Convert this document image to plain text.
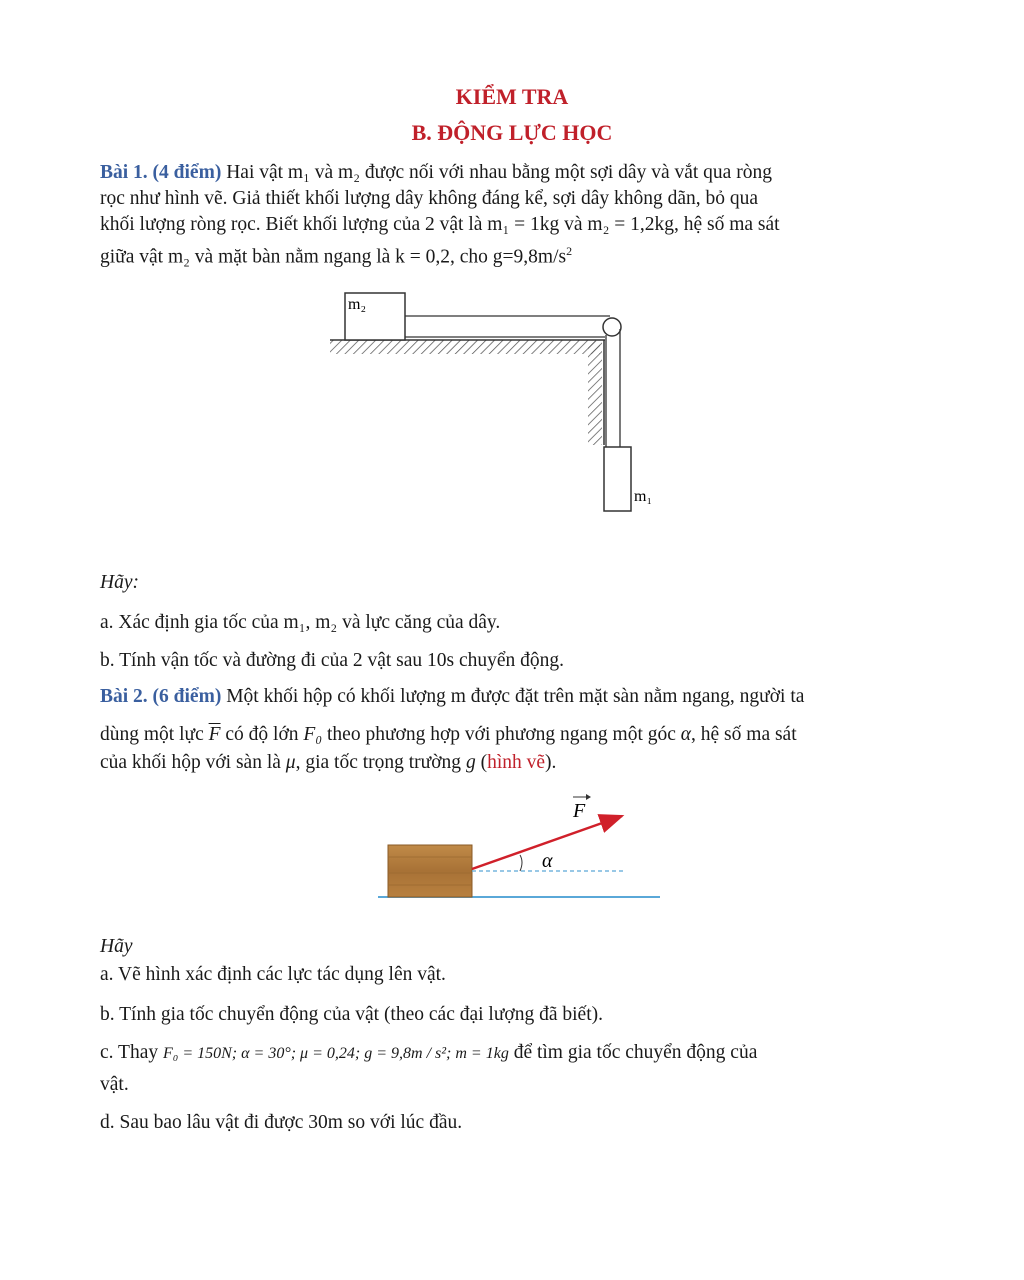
KIỂM TRA
B. ĐỘNG LỰC HỌC
Bài 1. (4 điểm) Hai vật m₁ và m₂ được nối với nhau bằng một sợi dây và vắt qua ròng
rọc như hình vẽ. Giả thiết khối lượng dây không đáng kể, sợi dây không dãn, bỏ qua
khối lượng ròng rọc. Biết khối lượng của 2 vật là m₁ = 1kg và m₂ = 1,2kg, hệ số ma sát
giữa vật m₂ và mặt bàn nằm ngang là k = 0,2, cho $g=9,8m/s^2$
m₂
m₁
Hãy:
a. Xác định gia tốc của m₁, m₂ và lực căng của dây.
b. Tính vận tốc và đường đi của 2 vật sau 10s chuyển động.
Bài 2. (6 điểm) Một khối hộp có khối lượng m được đặt trên mặt sàn nằm ngang, người ta
dùng một lực $\overline{F}$ có độ lớn F₀ theo phương hợp với phương ngang một góc α, hệ số ma sát
của khối hộp với sàn là μ, gia tốc trọng trường g (hình vẽ).
α
F
Hãy
a. Vẽ hình xác định các lực tác dụng lên vật.
b. Tính gia tốc chuyển động của vật (theo các đại lượng đã biết).
c. Thay F₀ = 150N; α = 30°; μ = 0,24; g = 9,8m / s²; m = 1kg để tìm gia tốc chuyển động của
vật.
d. Sau bao lâu vật đi được 30m so với lúc đầu.
